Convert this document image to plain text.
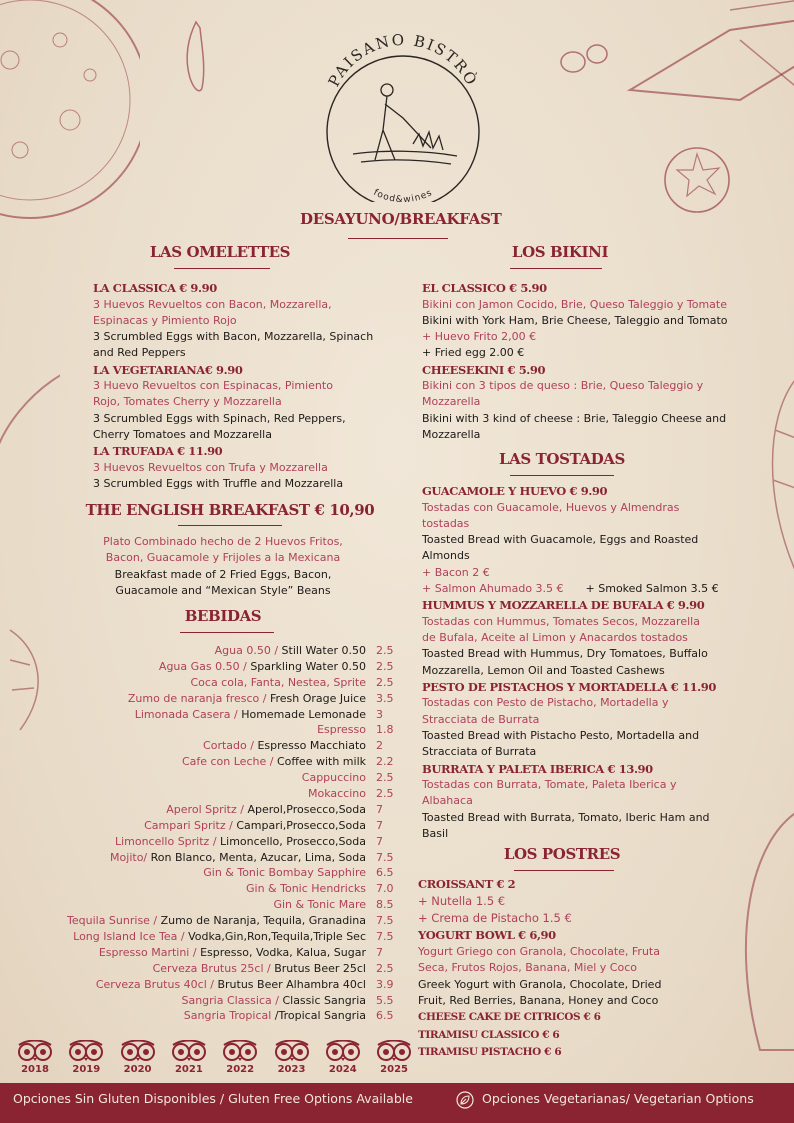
PAISANO BISTRÒ
food&wines
DESAYUNO/BREAKFAST
LAS OMELETTES
LA CLASSICA € 9.90
3 Huevos Revueltos con Bacon, Mozzarella,
Espinacas y Pimiento Rojo
3 Scrumbled Eggs with Bacon, Mozzarella, Spinach
and Red Peppers
LA VEGETARIANA€ 9.90
3 Huevo Revueltos con Espinacas, Pimiento
Rojo, Tomates Cherry y Mozzarella
3 Scrumbled Eggs with Spinach, Red Peppers,
Cherry Tomatoes and Mozzarella
LA TRUFADA € 11.90
3 Huevos Revueltos con Trufa y Mozzarella
3 Scrumbled Eggs with Truffle and Mozzarella
THE ENGLISH BREAKFAST € 10,90
Plato Combinado hecho de 2 Huevos Fritos,
Bacon, Guacamole y Frijoles a la Mexicana
Breakfast made of 2 Fried Eggs, Bacon,
Guacamole and “Mexican Style” Beans
BEBIDAS
Agua 0.50 / Still Water 0.50 2.5
Agua Gas 0.50 / Sparkling Water 0.50 2.5
Coca cola, Fanta, Nestea, Sprite 2.5
Zumo de naranja fresco / Fresh Orage Juice 3.5
Limonada Casera / Homemade Lemonade 3
Espresso 1.8
Cortado / Espresso Macchiato 2
Cafe con Leche / Coffee with milk 2.2
Cappuccino 2.5
Mokaccino 2.5
Aperol Spritz / Aperol,Prosecco,Soda 7
Campari Spritz / Campari,Prosecco,Soda 7
Limoncello Spritz / Limoncello, Prosecco,Soda 7
Mojito/ Ron Blanco, Menta, Azucar, Lima, Soda 7.5
Gin & Tonic Bombay Sapphire 6.5
Gin & Tonic Hendricks 7.0
Gin & Tonic Mare 8.5
Tequila Sunrise / Zumo de Naranja, Tequila, Granadina 7.5
Long Island Ice Tea / Vodka,Gin,Ron,Tequila,Triple Sec 7.5
Espresso Martini / Espresso, Vodka, Kalua, Sugar 7
Cerveza Brutus 25cl / Brutus Beer 25cl 2.5
Cerveza Brutus 40cl / Brutus Beer Alhambra 40cl 3.9
Sangria Classica / Classic Sangria 5.5
Sangria Tropical /Tropical Sangria 6.5
2018	2019	2020	2021	2022	2023	2024	2025
LOS BIKINI
EL CLASSICO € 5.90
Bikini con Jamon Cocido, Brie, Queso Taleggio y Tomate
Bikini with York Ham, Brie Cheese, Taleggio and Tomato
+ Huevo Frito 2,00 €
+ Fried egg 2.00 €
CHEESEKINI € 5.90
Bikini con 3 tipos de queso : Brie, Queso Taleggio y
Mozzarella
Bikini with 3 kind of cheese : Brie, Taleggio Cheese and
Mozzarella
LAS TOSTADAS
GUACAMOLE Y HUEVO € 9.90
Tostadas con Guacamole, Huevos y Almendras
tostadas
Toasted Bread with Guacamole, Eggs and Roasted
Almonds
+ Bacon 2 €
+ Salmon Ahumado 3.5 € + Smoked Salmon 3.5 €
HUMMUS Y MOZZARELLA DE BUFALA € 9.90
Tostadas con Hummus, Tomates Secos, Mozzarella
de Bufala, Aceite al Limon y Anacardos tostados
Toasted Bread with Hummus, Dry Tomatoes, Buffalo
Mozzarella, Lemon Oil and Toasted Cashews
PESTO DE PISTACHOS Y MORTADELLA € 11.90
Tostadas con Pesto de Pistacho, Mortadella y
Stracciata de Burrata
Toasted Bread with Pistacho Pesto, Mortadella and
Stracciata of Burrata
BURRATA Y PALETA IBERICA € 13.90
Tostadas con Burrata, Tomate, Paleta Iberica y
Albahaca
Toasted Bread with Burrata, Tomato, Iberic Ham and
Basil
LOS POSTRES
CROISSANT € 2
+ Nutella 1.5 €
+ Crema de Pistacho 1.5 €
YOGURT BOWL € 6,90
Yogurt Griego con Granola, Chocolate, Fruta
Seca, Frutos Rojos, Banana, Miel y Coco
Greek Yogurt with Granola, Chocolate, Dried
Fruit, Red Berries, Banana, Honey and Coco
CHEESE CAKE DE CITRICOS € 6
TIRAMISU CLASSICO € 6
TIRAMISU PISTACHO € 6
Opciones Sin Gluten Disponibles / Gluten Free Options Available	Opciones Vegetarianas/ Vegetarian Options
